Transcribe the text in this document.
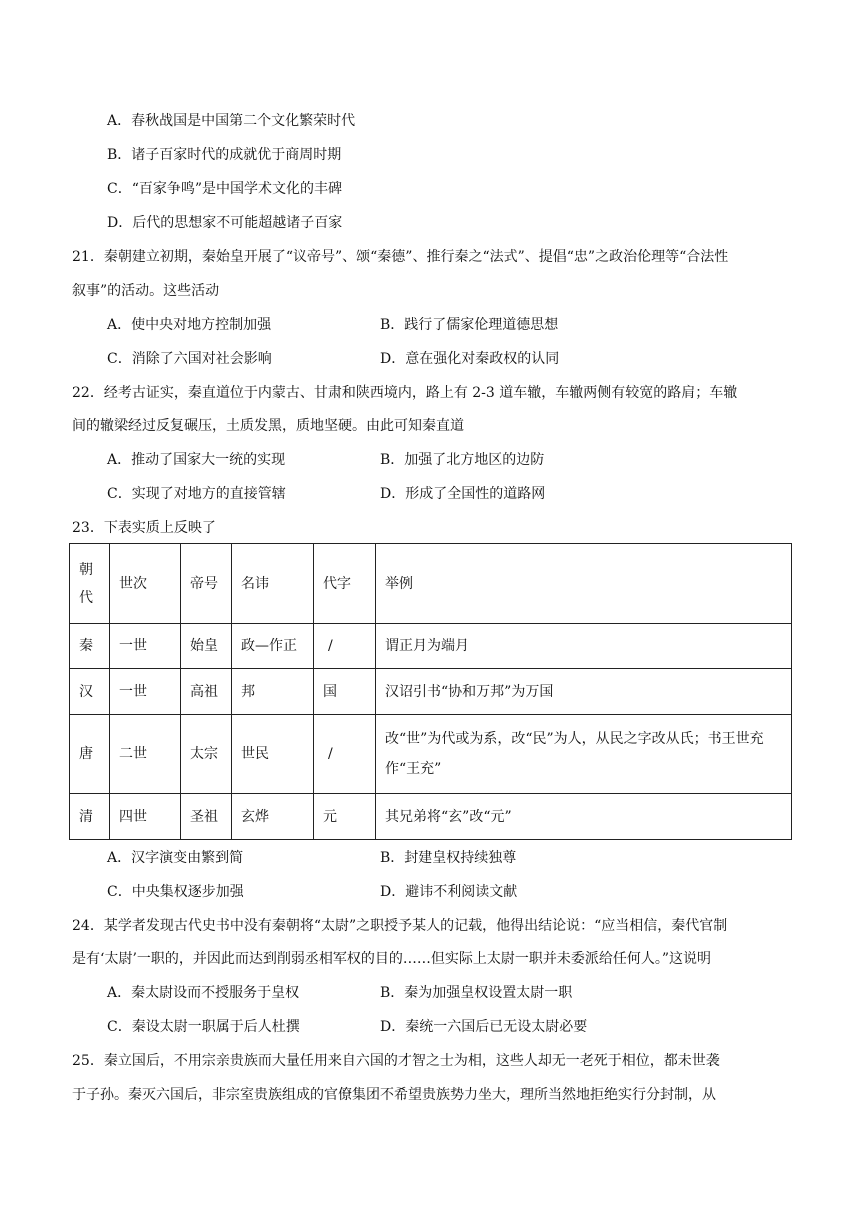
A．春秋战国是中国第二个文化繁荣时代
B．诸子百家时代的成就优于商周时期
C．“百家争鸣”是中国学术文化的丰碑
D．后代的思想家不可能超越诸子百家
21．秦朝建立初期，秦始皇开展了“议帝号”、颂“秦德”、推行秦之“法式”、提倡“忠”之政治伦理等“合法性
叙事”的活动。这些活动
A．使中央对地方控制加强	B．践行了儒家伦理道德思想
C．消除了六国对社会影响	D．意在强化对秦政权的认同
22．经考古证实，秦直道位于内蒙古、甘肃和陕西境内，路上有 2-3 道车辙，车辙两侧有较宽的路肩；车辙
间的辙梁经过反复碾压，土质发黑，质地坚硬。由此可知秦直道
A．推动了国家大一统的实现	B．加强了北方地区的边防
C．实现了对地方的直接管辖	D．形成了全国性的道路网
23．下表实质上反映了
朝代	世次	帝号	名讳	代字	举例
秦	一世	始皇	政—作正	/	谓正月为端月
汉	一世	高祖	邦	国	汉诏引书“协和万邦”为万国
唐	二世	太宗	世民	/	改“世”为代或为系，改“民”为人，从民之字改从氏；书王世充作“王充”
清	四世	圣祖	玄烨	元	其兄弟将“玄”改“元”
A．汉字演变由繁到简	B．封建皇权持续独尊
C．中央集权逐步加强	D．避讳不利阅读文献
24．某学者发现古代史书中没有秦朝将“太尉”之职授予某人的记载，他得出结论说：“应当相信，秦代官制
是有‘太尉’一职的，并因此而达到削弱丞相军权的目的……但实际上太尉一职并未委派给任何人。”这说明
A．秦太尉设而不授服务于皇权	B．秦为加强皇权设置太尉一职
C．秦设太尉一职属于后人杜撰	D．秦统一六国后已无设太尉必要
25．秦立国后，不用宗亲贵族而大量任用来自六国的才智之士为相，这些人却无一老死于相位，都未世袭
于子孙。秦灭六国后，非宗室贵族组成的官僚集团不希望贵族势力坐大，理所当然地拒绝实行分封制，从
